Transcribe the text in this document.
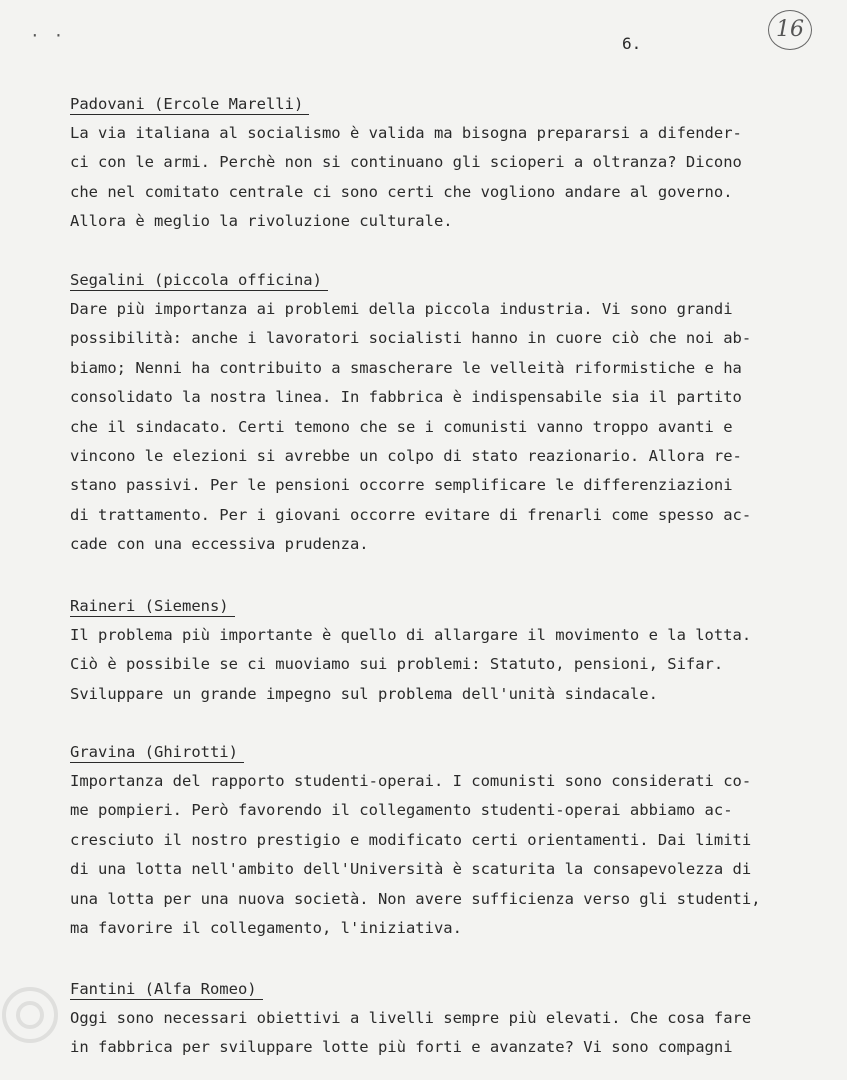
··	6.
16
Padovani (Ercole Marelli)
La via italiana al socialismo è valida ma bisogna prepararsi a difender-
ci con le armi. Perchè non si continuano gli scioperi a oltranza? Dicono
che nel comitato centrale ci sono certi che vogliono andare al governo.
Allora è meglio la rivoluzione culturale.
Segalini (piccola officina)
Dare più importanza ai problemi della piccola industria. Vi sono grandi
possibilità: anche i lavoratori socialisti hanno in cuore ciò che noi ab-
biamo; Nenni ha contribuito a smascherare le velleità riformistiche e ha
consolidato la nostra linea. In fabbrica è indispensabile sia il partito
che il sindacato. Certi temono che se i comunisti vanno troppo avanti e
vincono le elezioni si avrebbe un colpo di stato reazionario. Allora re-
stano passivi. Per le pensioni occorre semplificare le differenziazioni
di trattamento. Per i giovani occorre evitare di frenarli come spesso ac-
cade con una eccessiva prudenza.
Raineri (Siemens)
Il problema più importante è quello di allargare il movimento e la lotta.
Ciò è possibile se ci muoviamo sui problemi: Statuto, pensioni, Sifar.
Sviluppare un grande impegno sul problema dell'unità sindacale.
Gravina (Ghirotti)
Importanza del rapporto studenti-operai. I comunisti sono considerati co-
me pompieri. Però favorendo il collegamento studenti-operai abbiamo ac-
cresciuto il nostro prestigio e modificato certi orientamenti. Dai limiti
di una lotta nell'ambito dell'Università è scaturita la consapevolezza di
una lotta per una nuova società. Non avere sufficienza verso gli studenti,
ma favorire il collegamento, l'iniziativa.
Fantini (Alfa Romeo)
Oggi sono necessari obiettivi a livelli sempre più elevati. Che cosa fare
in fabbrica per sviluppare lotte più forti e avanzate? Vi sono compagni
